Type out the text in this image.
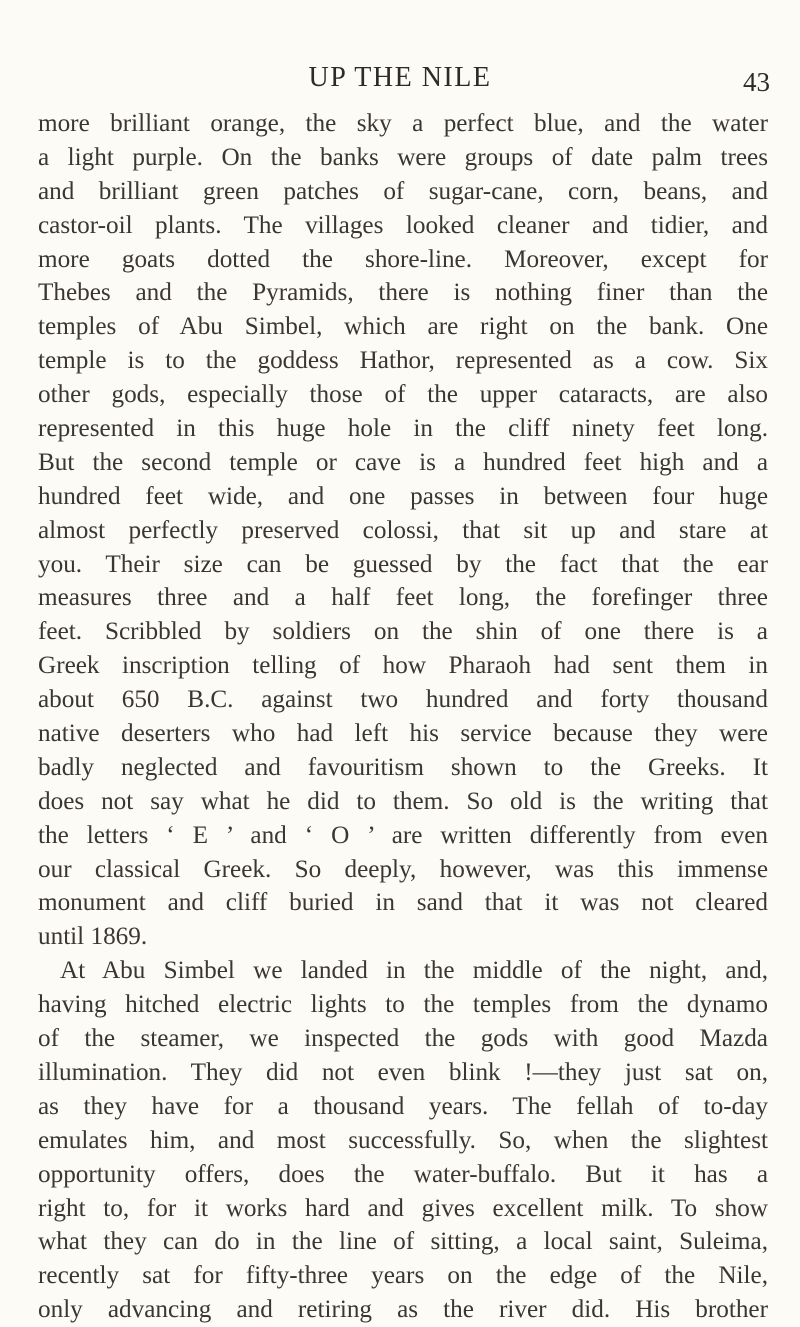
UP THE NILE	43
more brilliant orange, the sky a perfect blue, and the water
a light purple. On the banks were groups of date palm trees
and brilliant green patches of sugar-cane, corn, beans, and
castor-oil plants. The villages looked cleaner and tidier, and
more goats dotted the shore-line. Moreover, except for
Thebes and the Pyramids, there is nothing finer than the
temples of Abu Simbel, which are right on the bank. One
temple is to the goddess Hathor, represented as a cow. Six
other gods, especially those of the upper cataracts, are also
represented in this huge hole in the cliff ninety feet long.
But the second temple or cave is a hundred feet high and a
hundred feet wide, and one passes in between four huge
almost perfectly preserved colossi, that sit up and stare at
you. Their size can be guessed by the fact that the ear
measures three and a half feet long, the forefinger three
feet. Scribbled by soldiers on the shin of one there is a
Greek inscription telling of how Pharaoh had sent them in
about 650 B.C. against two hundred and forty thousand
native deserters who had left his service because they were
badly neglected and favouritism shown to the Greeks. It
does not say what he did to them. So old is the writing that
the letters ‘ E ’ and ‘ O ’ are written differently from even
our classical Greek. So deeply, however, was this immense
monument and cliff buried in sand that it was not cleared
until 1869.
At Abu Simbel we landed in the middle of the night, and,
having hitched electric lights to the temples from the dynamo
of the steamer, we inspected the gods with good Mazda
illumination. They did not even blink !—they just sat on,
as they have for a thousand years. The fellah of to-day
emulates him, and most successfully. So, when the slightest
opportunity offers, does the water-buffalo. But it has a
right to, for it works hard and gives excellent milk. To show
what they can do in the line of sitting, a local saint, Suleima,
recently sat for fifty-three years on the edge of the Nile,
only advancing and retiring as the river did. His brother
